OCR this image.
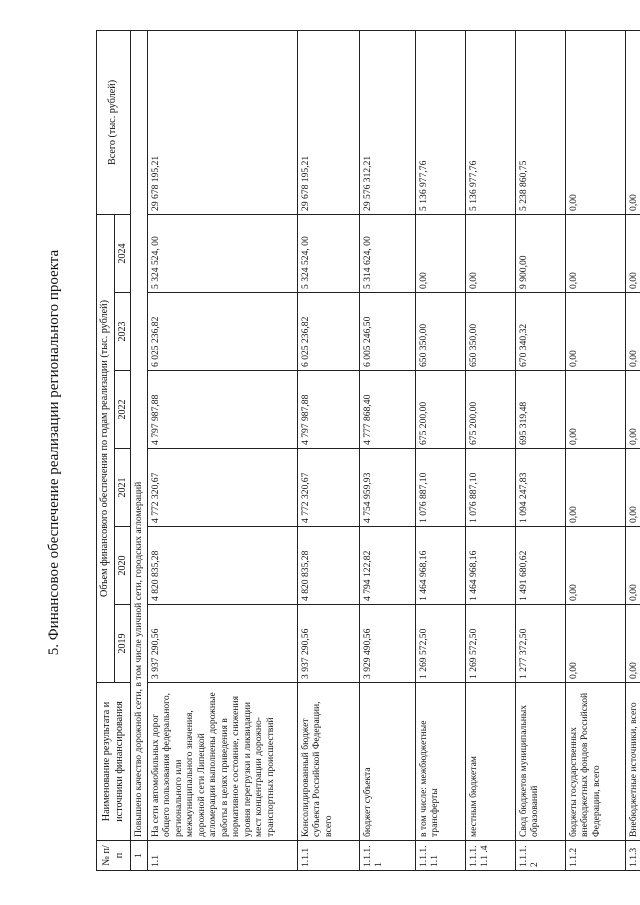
5. Финансовое обеспечение реализации регионального проекта
№ п/п	Наименование результата и источники финансирования	Объем финансового обеспечения по годам реализации (тыс. рублей)						Всего (тыс. рублей)
		2019	2020	2021	2022	2023	2024	
1	Повышено качество дорожной сети, в том числе уличной сети, городских агломераций							
1.1	На сети автомобильных дорог общего пользования федерального, регионального или межмуниципального значения, дорожной сети Липецкой агломерации выполнены дорожные работы в целях приведения в нормативное состояние, снижения уровня перегрузки и ликвидации мест концентрации дорожно-транспортных происшествий	3 937 290,56	4 820 835,28	4 772 320,67	4 797 987,88	6 025 236,82	5 324 524, 00	29 678 195,21
1.1.1	Консолидированный бюджет субъекта Российской Федерации, всего	3 937 290,56	4 820 835,28	4 772 320,67	4 797 987,88	6 025 236,82	5 324 524, 00	29 678 195,21
1.1.1.1	бюджет субъекта	3 929 490,56	4 794 122,82	4 754 959,93	4 777 868,40	6 005 246,50	5 314 624, 00	29 576 312,21
1.1.1.1.1	в том числе: межбюджетные трансферты	1 269 572,50	1 464 968,16	1 076 887,10	675 200,00	650 350,00	0,00	5 136 977,76
1.1.1.1.1 .4	местным бюджетам	1 269 572,50	1 464 968,16	1 076 887,10	675 200,00	650 350,00	0,00	5 136 977,76
1.1.1.2	Свод бюджетов муниципальных образований	1 277 372,50	1 491 680,62	1 094 247,83	695 319,48	670 340,32	9 900,00	5 238 860,75
1.1.2	бюджеты государственных внебюджетных фондов Российской Федерации, всего	0,00	0,00	0,00	0,00	0,00	0,00	0,00
1.1.3	Внебюджетные источники, всего	0,00	0,00	0,00	0,00	0,00	0,00	0,00
